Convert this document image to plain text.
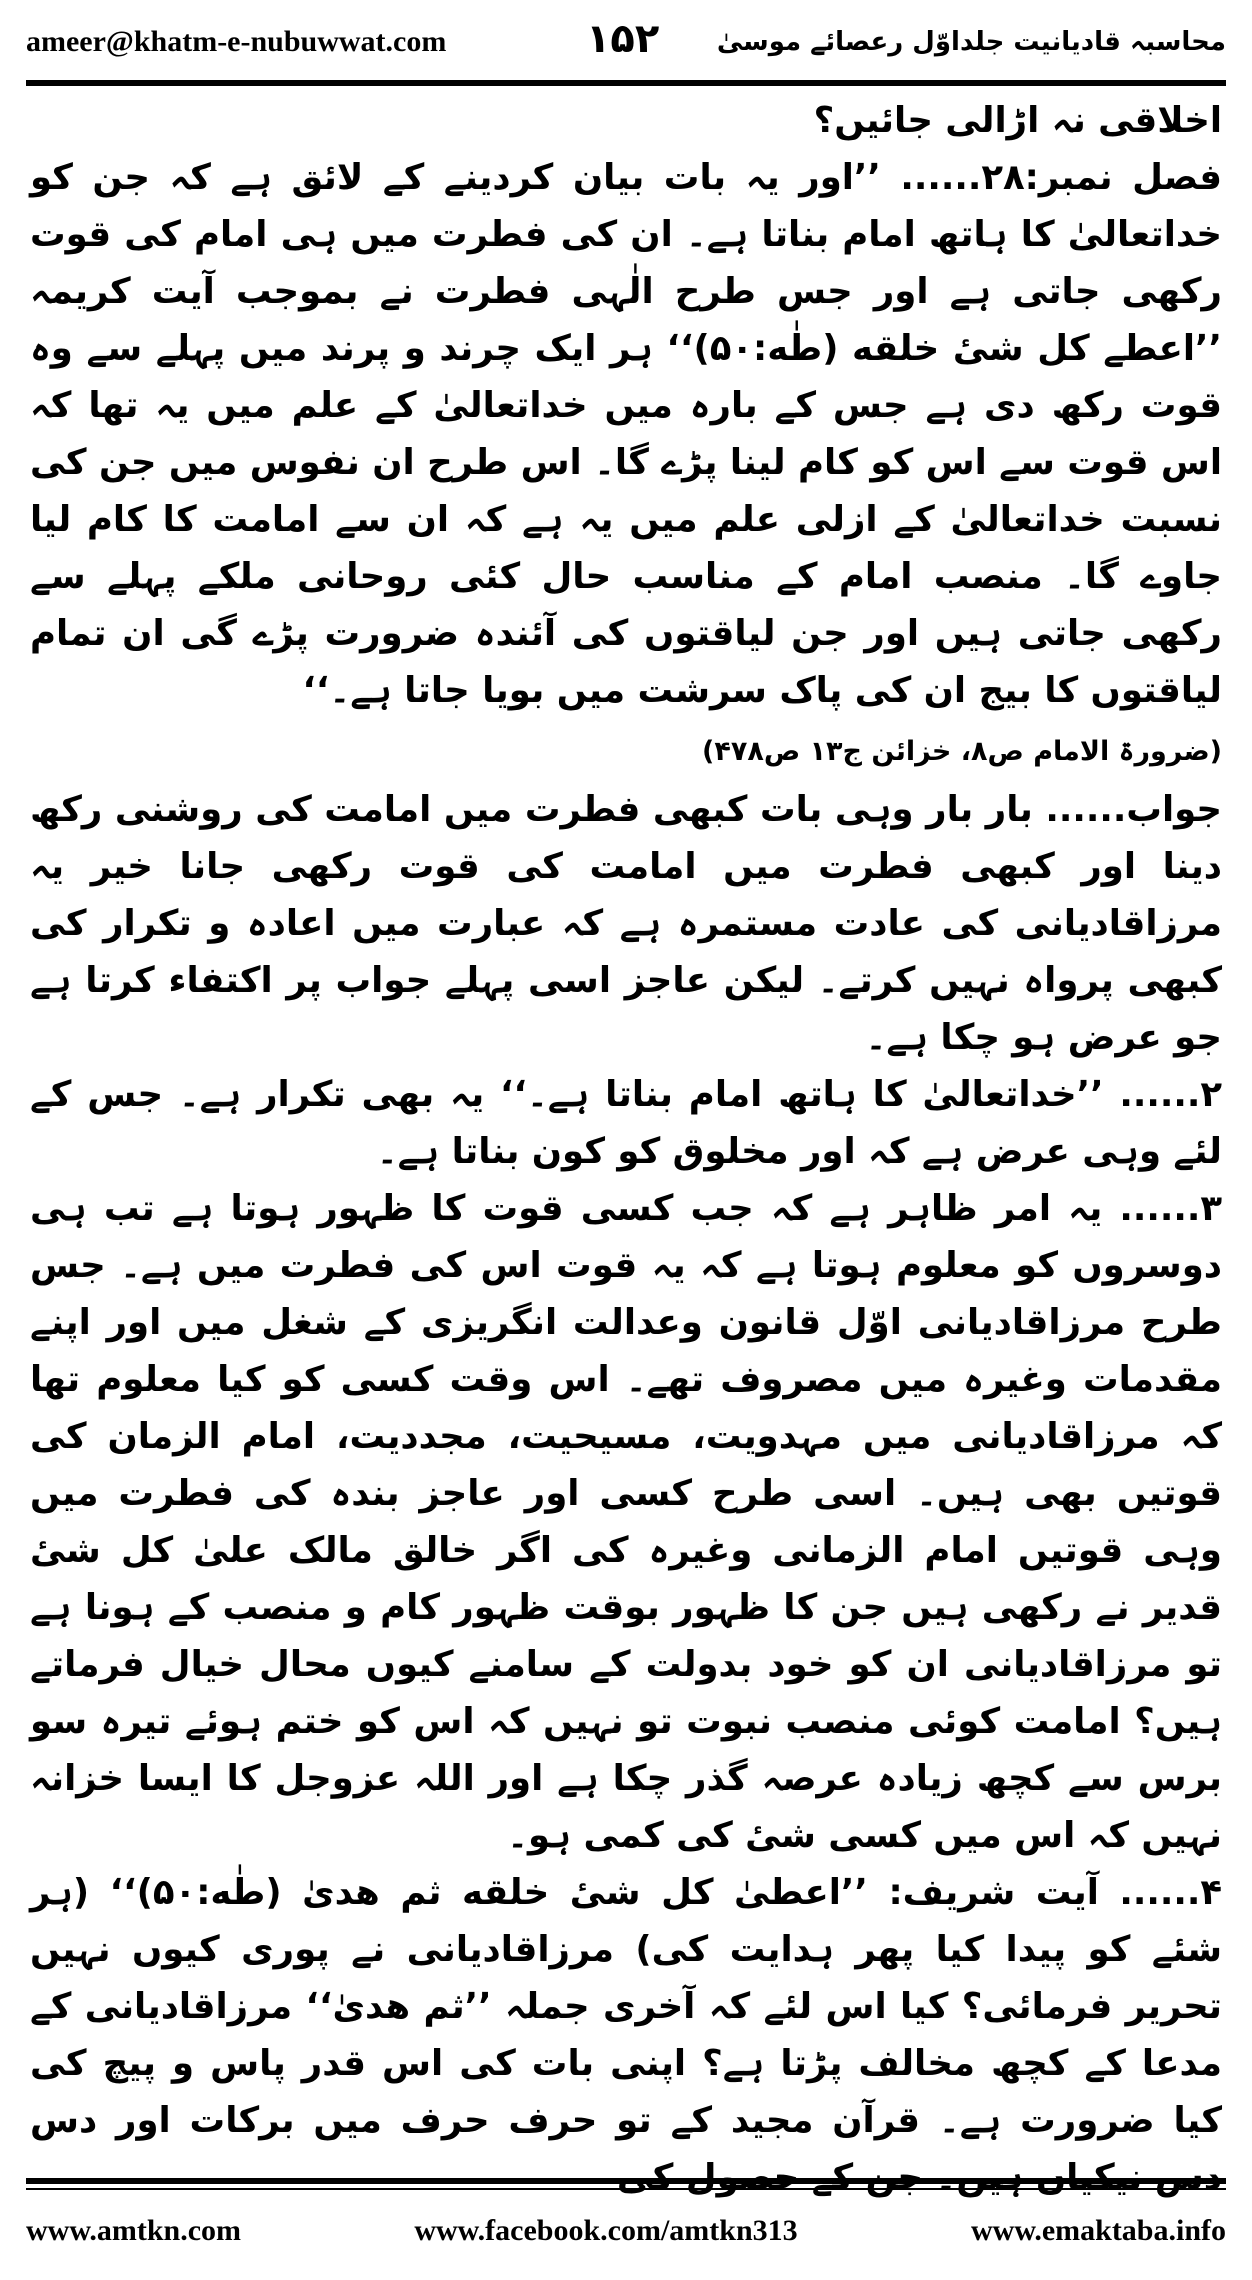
ameer@khatm-e-nubuwwat.com	۱۵۲ محاسبہ قادیانیت جلداوّل رعصائے موسیٰ

اخلاقی نہ اڑالی جائیں؟

فصل نمبر:۲۸...... ’’اور یہ بات بیان کردینے کے لائق ہے کہ جن کو خداتعالیٰ کا ہاتھ امام بناتا ہے۔ ان کی فطرت میں ہی امام کی قوت رکھی جاتی ہے اور جس طرح الٰہی فطرت نے بموجب آیت کریمہ ’’اعطے کل شیٔ خلقه (طٰه:۵۰)‘‘ ہر ایک چرند و پرند میں پہلے سے وہ قوت رکھ دی ہے جس کے بارہ میں خداتعالیٰ کے علم میں یہ تھا کہ اس قوت سے اس کو کام لینا پڑے گا۔ اس طرح ان نفوس میں جن کی نسبت خداتعالیٰ کے ازلی علم میں یہ ہے کہ ان سے امامت کا کام لیا جاوے گا۔ منصب امام کے مناسب حال کئی روحانی ملکے پہلے سے رکھی جاتی ہیں اور جن لیاقتوں کی آئندہ ضرورت پڑے گی ان تمام لیاقتوں کا بیج ان کی پاک سرشت میں بویا جاتا ہے۔‘‘

(ضرورۃ الامام ص۸، خزائن ج۱۳ ص۴۷۸)

جواب...... بار بار وہی بات کبھی فطرت میں امامت کی روشنی رکھ دینا اور کبھی فطرت میں امامت کی قوت رکھی جانا خیر یہ مرزاقادیانی کی عادت مستمرہ ہے کہ عبارت میں اعادہ و تکرار کی کبھی پرواہ نہیں کرتے۔ لیکن عاجز اسی پہلے جواب پر اکتفاء کرتا ہے جو عرض ہو چکا ہے۔

۲...... ’’خداتعالیٰ کا ہاتھ امام بناتا ہے۔‘‘ یہ بھی تکرار ہے۔ جس کے لئے وہی عرض ہے کہ اور مخلوق کو کون بناتا ہے۔

۳...... یہ امر ظاہر ہے کہ جب کسی قوت کا ظہور ہوتا ہے تب ہی دوسروں کو معلوم ہوتا ہے کہ یہ قوت اس کی فطرت میں ہے۔ جس طرح مرزاقادیانی اوّل قانون وعدالت انگریزی کے شغل میں اور اپنے مقدمات وغیرہ میں مصروف تھے۔ اس وقت کسی کو کیا معلوم تھا کہ مرزاقادیانی میں مہدویت، مسیحیت، مجددیت، امام الزمان کی قوتیں بھی ہیں۔ اسی طرح کسی اور عاجز بندہ کی فطرت میں وہی قوتیں امام الزمانی وغیرہ کی اگر خالق مالک علیٰ کل شیٔ قدیر نے رکھی ہیں جن کا ظہور بوقت ظہور کام و منصب کے ہونا ہے تو مرزاقادیانی ان کو خود بدولت کے سامنے کیوں محال خیال فرماتے ہیں؟ امامت کوئی منصب نبوت تو نہیں کہ اس کو ختم ہوئے تیرہ سو برس سے کچھ زیادہ عرصہ گذر چکا ہے اور اللہ عزوجل کا ایسا خزانہ نہیں کہ اس میں کسی شیٔ کی کمی ہو۔

۴...... آیت شریف: ’’اعطیٰ کل شیٔ خلقه ثم هدیٰ (طٰه:۵۰)‘‘ (ہر شئے کو پیدا کیا پھر ہدایت کی) مرزاقادیانی نے پوری کیوں نہیں تحریر فرمائی؟ کیا اس لئے کہ آخری جملہ ’’ثم هدیٰ‘‘ مرزاقادیانی کے مدعا کے کچھ مخالف پڑتا ہے؟ اپنی بات کی اس قدر پاس و پیچ کی کیا ضرورت ہے۔ قرآن مجید کے تو حرف حرف میں برکات اور دس دس نیکیاں ہیں۔ جن کے حصول کی

www.amtkn.com	www.facebook.com/amtkn313	www.emaktaba.info
